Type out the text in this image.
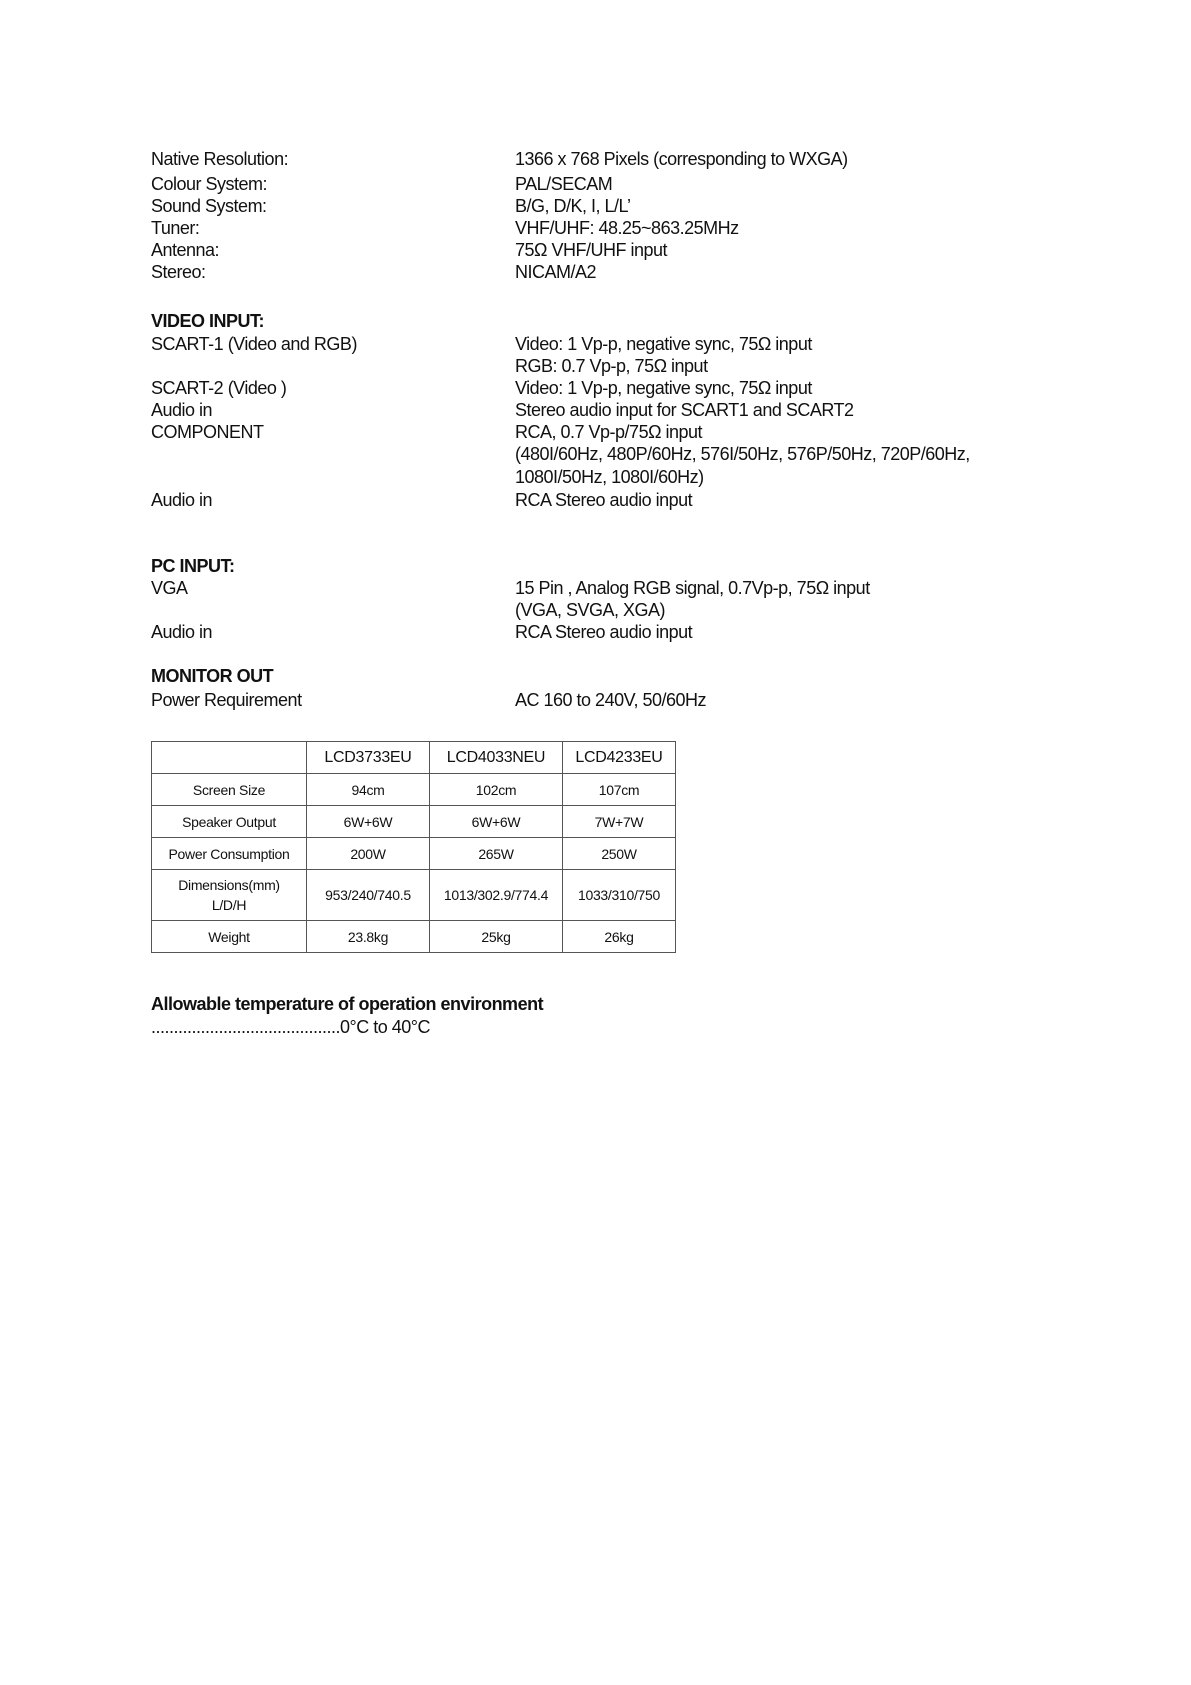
Native Resolution:	1366 x 768 Pixels (corresponding to WXGA)
Colour System:	PAL/SECAM
Sound System:	B/G, D/K, I, L/L’
Tuner:	VHF/UHF: 48.25~863.25MHz
Antenna:	75Ω VHF/UHF input
Stereo:	NICAM/A2
VIDEO INPUT:
SCART-1 (Video and RGB)	Video: 1 Vp-p, negative sync, 75Ω input
RGB: 0.7 Vp-p, 75Ω input
SCART-2 (Video )	Video: 1 Vp-p, negative sync, 75Ω input
Audio in	Stereo audio input for SCART1 and SCART2
COMPONENT	RCA, 0.7 Vp-p/75Ω input
(480I/60Hz, 480P/60Hz, 576I/50Hz, 576P/50Hz, 720P/60Hz,
1080I/50Hz, 1080I/60Hz)
Audio in	RCA Stereo audio input
PC INPUT:
VGA	15 Pin , Analog RGB signal, 0.7Vp-p, 75Ω input
(VGA, SVGA, XGA)
Audio in	RCA Stereo audio input
MONITOR OUT
Power Requirement	AC 160 to 240V, 50/60Hz
	LCD3733EU	LCD4033NEU	LCD4233EU
Screen Size	94cm	102cm	107cm
Speaker Output	6W+6W	6W+6W	7W+7W
Power Consumption	200W	265W	250W

Dimensions(mm)
L/D/H	953/240/740.5	1013/302.9/774.4	1033/310/750
Weight	23.8kg	25kg	26kg
Allowable temperature of operation environment
..........................................0°C to 40°C
